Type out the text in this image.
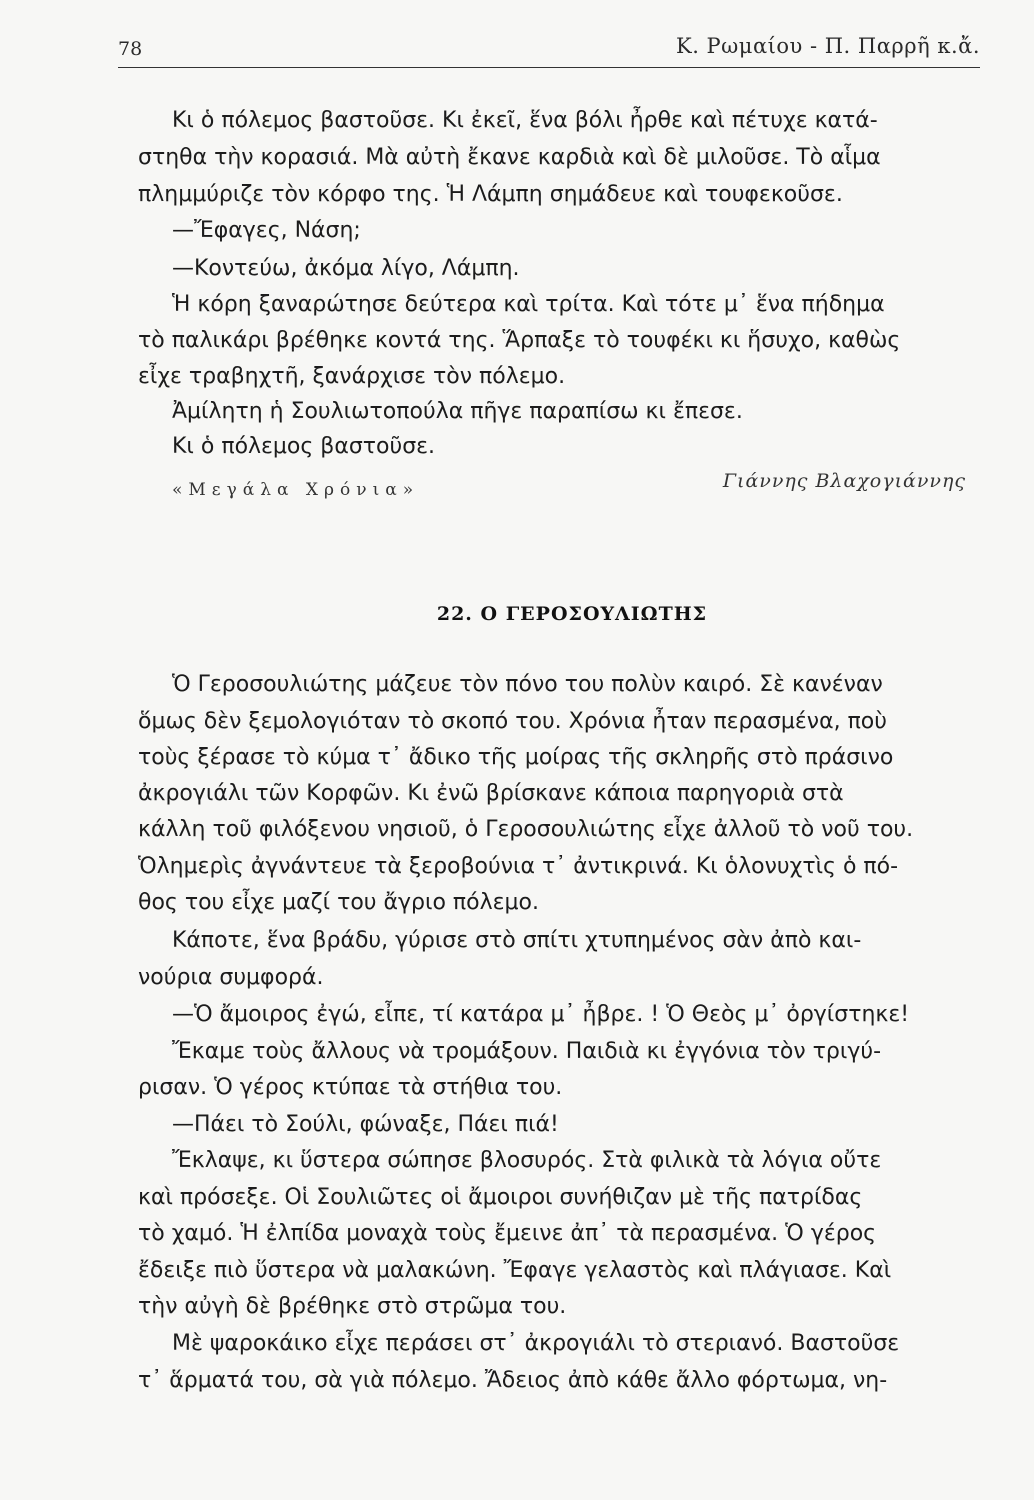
78	Κ. Ρωμαίου - Π. Παρρῆ κ.ἄ.
Κι ὁ πόλεμος βαστοῦσε. Κι ἐκεῖ, ἕνα βόλι ἦρθε καὶ πέτυχε κατά-
στηθα τὴν κορασιά. Μὰ αὐτὴ ἔκανε καρδιὰ καὶ δὲ μιλοῦσε. Τὸ αἷμα
πλημμύριζε τὸν κόρφο της. Ἡ Λάμπη σημάδευε καὶ τουφεκοῦσε.
—Ἔφαγες, Νάση;
—Κοντεύω, ἀκόμα λίγο, Λάμπη.
Ἡ κόρη ξαναρώτησε δεύτερα καὶ τρίτα. Καὶ τότε μ᾿ ἕνα πήδημα
τὸ παλικάρι βρέθηκε κοντά της. Ἅρπαξε τὸ τουφέκι κι ἥσυχο, καθὼς
εἶχε τραβηχτῆ, ξανάρχισε τὸν πόλεμο.
Ἀμίλητη ἡ Σουλιωτοπούλα πῆγε παραπίσω κι ἔπεσε.
Κι ὁ πόλεμος βαστοῦσε.
«Μεγάλα Χρόνια»	Γιάννης Βλαχογιάννης
22. Ο ΓΕΡΟΣΟΥΛΙΩΤΗΣ
Ὁ Γεροσουλιώτης μάζευε τὸν πόνο του πολὺν καιρό. Σὲ κανέναν
ὅμως δὲν ξεμολογιόταν τὸ σκοπό του. Χρόνια ἦταν περασμένα, ποὺ
τοὺς ξέρασε τὸ κύμα τ᾿ ἄδικο τῆς μοίρας τῆς σκληρῆς στὸ πράσινο
ἀκρογιάλι τῶν Κορφῶν. Κι ἐνῶ βρίσκανε κάποια παρηγοριὰ στὰ
κάλλη τοῦ φιλόξενου νησιοῦ, ὁ Γεροσουλιώτης εἶχε ἀλλοῦ τὸ νοῦ του.
Ὁλημερὶς ἀγνάντευε τὰ ξεροβούνια τ᾿ ἀντικρινά. Κι ὁλονυχτὶς ὁ πό-
θος του εἶχε μαζί του ἄγριο πόλεμο.
Κάποτε, ἕνα βράδυ, γύρισε στὸ σπίτι χτυπημένος σὰν ἀπὸ και-
νούρια συμφορά.
—Ὁ ἄμοιρος ἐγώ, εἶπε, τί κατάρα μ᾿ ἦβρε. ! Ὁ Θεὸς μ᾿ ὀργίστηκε!
Ἔκαμε τοὺς ἄλλους νὰ τρομάξουν. Παιδιὰ κι ἐγγόνια τὸν τριγύ-
ρισαν. Ὁ γέρος κτύπαε τὰ στήθια του.
—Πάει τὸ Σούλι, φώναξε, Πάει πιά!
Ἔκλαψε, κι ὕστερα σώπησε βλοσυρός. Στὰ φιλικὰ τὰ λόγια οὔτε
καὶ πρόσεξε. Οἱ Σουλιῶτες οἱ ἄμοιροι συνήθιζαν μὲ τῆς πατρίδας
τὸ χαμό. Ἡ ἐλπίδα μοναχὰ τοὺς ἔμεινε ἀπ᾿ τὰ περασμένα. Ὁ γέρος
ἔδειξε πιὸ ὕστερα νὰ μαλακώνη. Ἔφαγε γελαστὸς καὶ πλάγιασε. Καὶ
τὴν αὐγὴ δὲ βρέθηκε στὸ στρῶμα του.
Μὲ ψαροκάικο εἶχε περάσει στ᾿ ἀκρογιάλι τὸ στεριανό. Βαστοῦσε
τ᾿ ἅρματά του, σὰ γιὰ πόλεμο. Ἄδειος ἀπὸ κάθε ἄλλο φόρτωμα, νη-
